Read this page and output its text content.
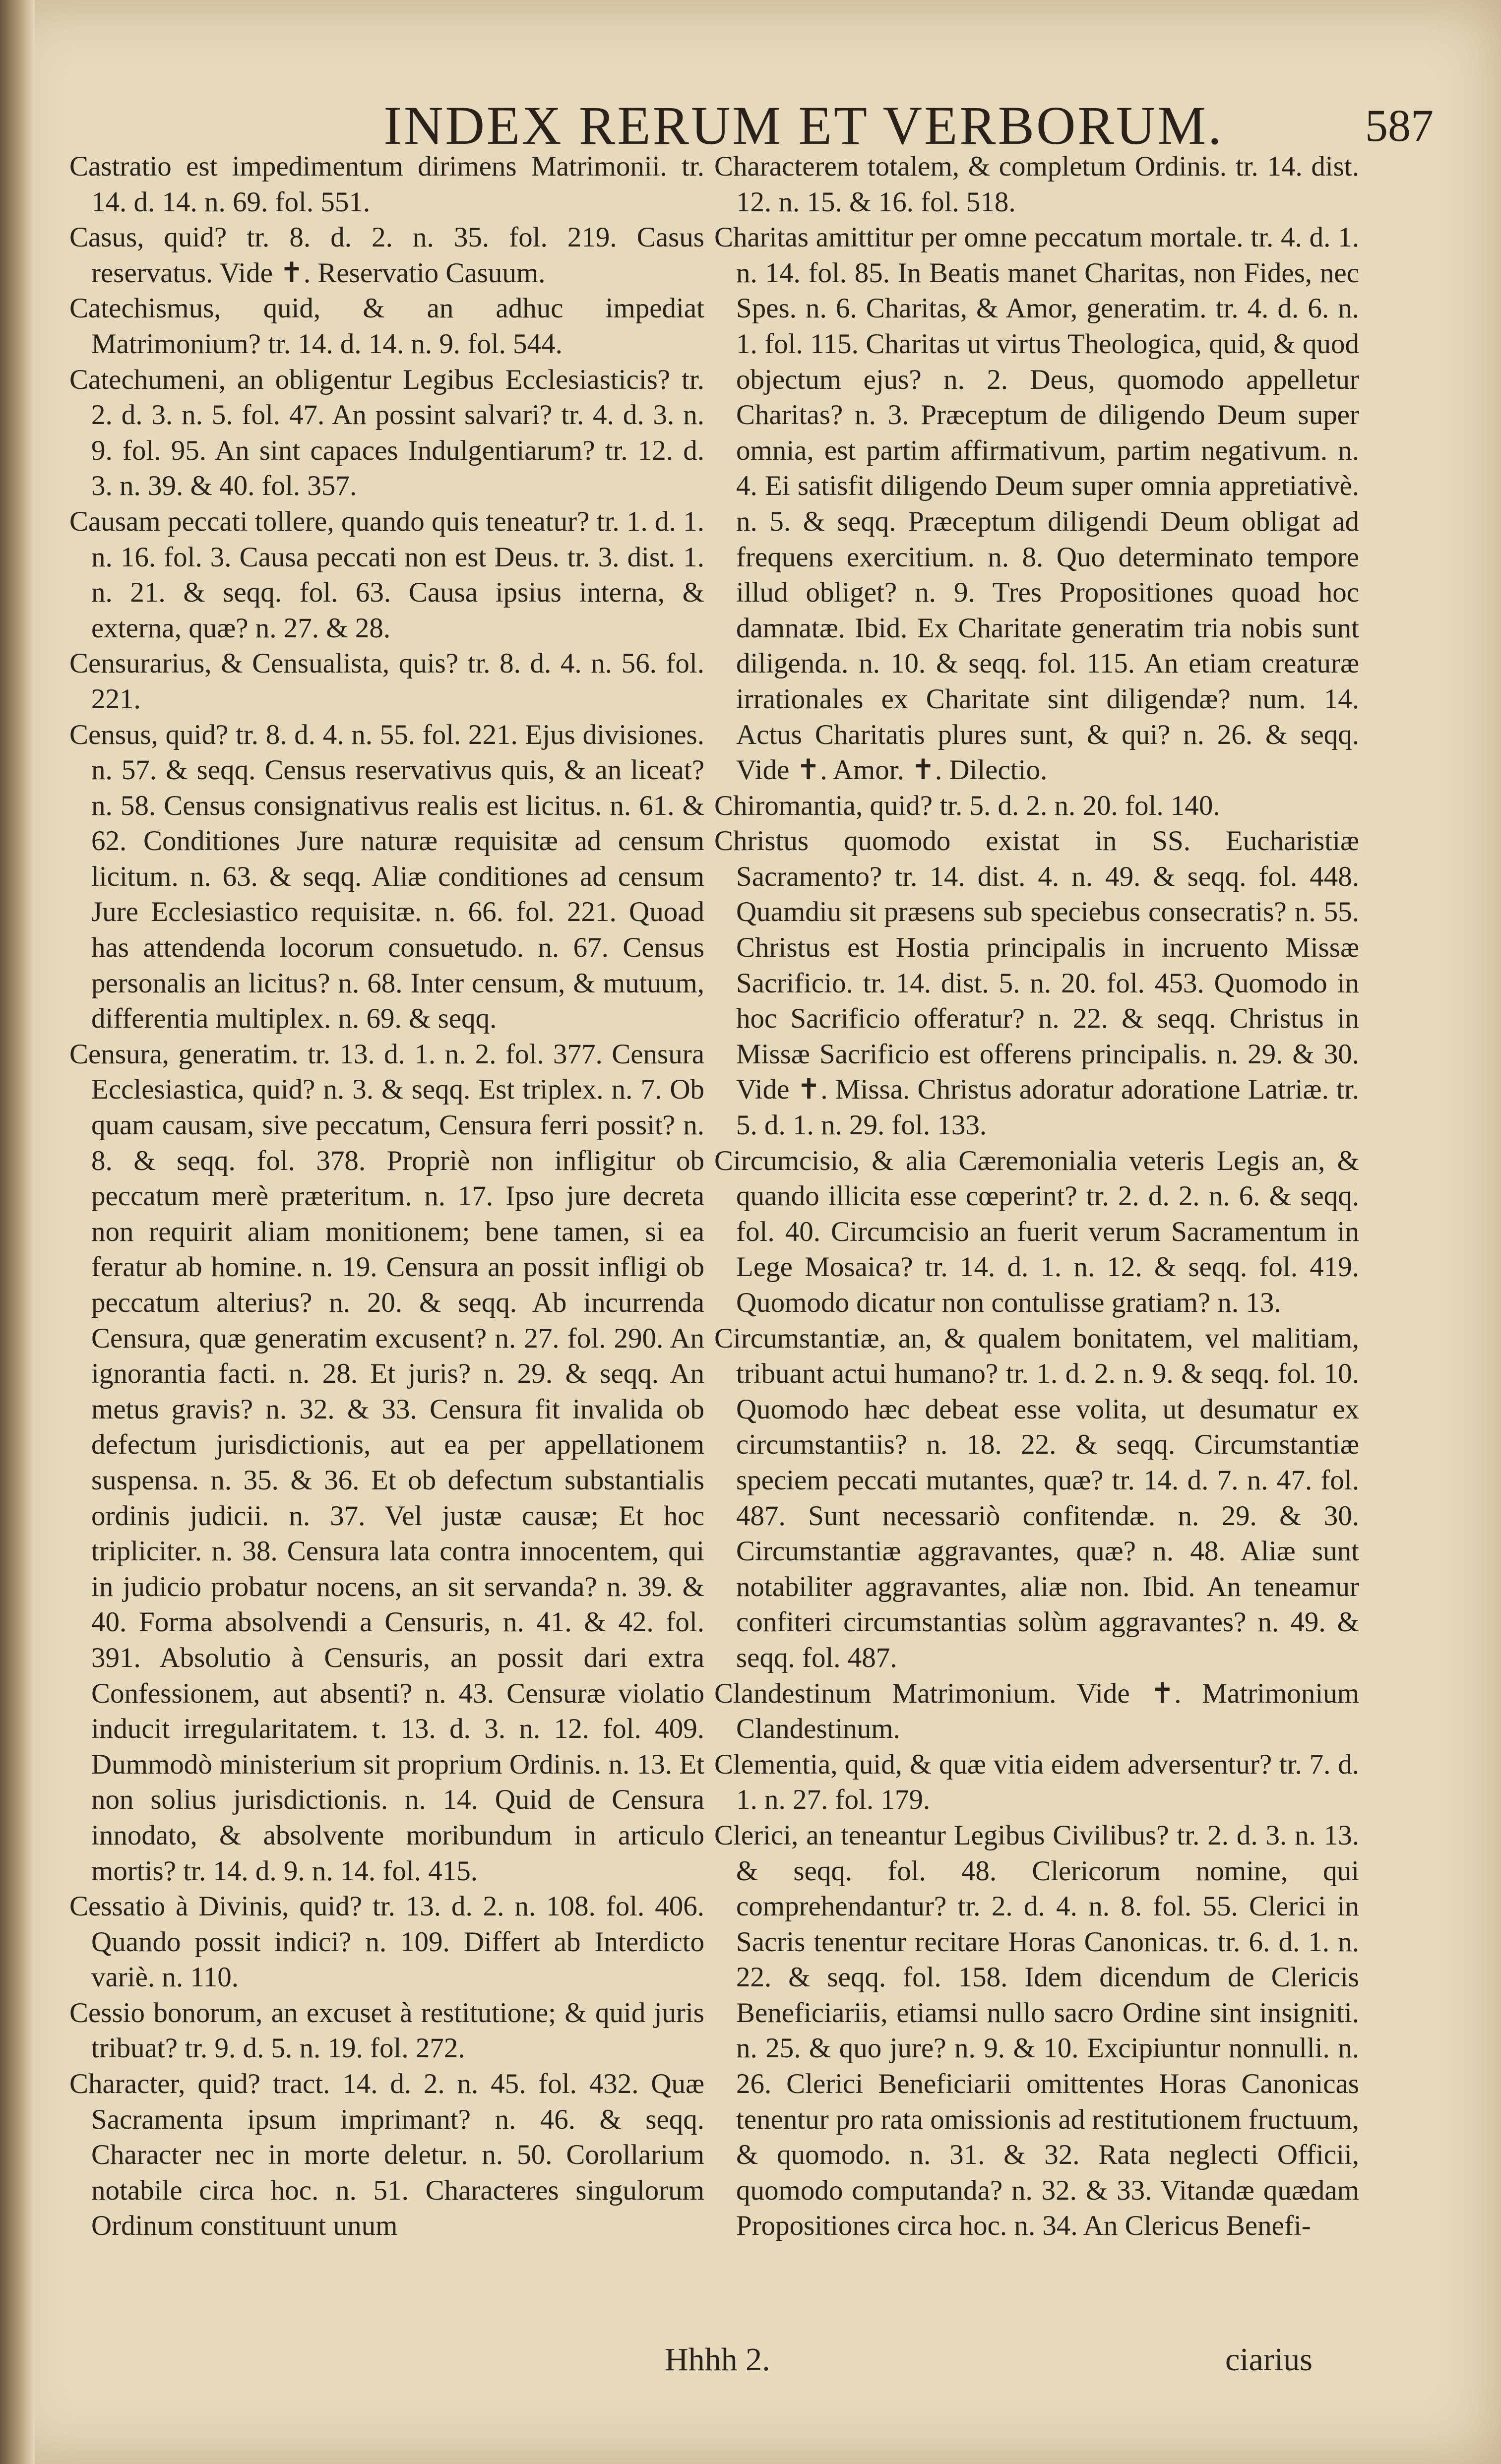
INDEX RERUM ET VERBORUM.	587

Castratio est impedimentum dirimens Matrimonii. tr. 14. d. 14. n. 69. fol. 551.

Casus, quid? tr. 8. d. 2. n. 35. fol. 219. Casus reservatus. Vide ✝. Reservatio Casuum.

Catechismus, quid, & an adhuc impediat Matrimonium? tr. 14. d. 14. n. 9. fol. 544.

Catechumeni, an obligentur Legibus Ecclesiasticis? tr. 2. d. 3. n. 5. fol. 47. An possint salvari? tr. 4. d. 3. n. 9. fol. 95. An sint capaces Indulgentiarum? tr. 12. d. 3. n. 39. & 40. fol. 357.

Causam peccati tollere, quando quis teneatur? tr. 1. d. 1. n. 16. fol. 3. Causa peccati non est Deus. tr. 3. dist. 1. n. 21. & seqq. fol. 63. Causa ipsius interna, & externa, quæ? n. 27. & 28.

Censurarius, & Censualista, quis? tr. 8. d. 4. n. 56. fol. 221.

Census, quid? tr. 8. d. 4. n. 55. fol. 221. Ejus divisiones. n. 57. & seqq. Census reservativus quis, & an liceat? n. 58. Census consignativus realis est licitus. n. 61. & 62. Conditiones Jure naturæ requisitæ ad censum licitum. n. 63. & seqq. Aliæ conditiones ad censum Jure Ecclesiastico requisitæ. n. 66. fol. 221. Quoad has attendenda locorum consuetudo. n. 67. Census personalis an licitus? n. 68. Inter censum, & mutuum, differentia multiplex. n. 69. & seqq.

Censura, generatim. tr. 13. d. 1. n. 2. fol. 377. Censura Ecclesiastica, quid? n. 3. & seqq. Est triplex. n. 7. Ob quam causam, sive peccatum, Censura ferri possit? n. 8. & seqq. fol. 378. Propriè non infligitur ob peccatum merè præteritum. n. 17. Ipso jure decreta non requirit aliam monitionem; bene tamen, si ea feratur ab homine. n. 19. Censura an possit infligi ob peccatum alterius? n. 20. & seqq. Ab incurrenda Censura, quæ generatim excusent? n. 27. fol. 290. An ignorantia facti. n. 28. Et juris? n. 29. & seqq. An metus gravis? n. 32. & 33. Censura fit invalida ob defectum jurisdictionis, aut ea per appellationem suspensa. n. 35. & 36. Et ob defectum substantialis ordinis judicii. n. 37. Vel justæ causæ; Et hoc tripliciter. n. 38. Censura lata contra innocentem, qui in judicio probatur nocens, an sit servanda? n. 39. & 40. Forma absolvendi a Censuris, n. 41. & 42. fol. 391. Absolutio à Censuris, an possit dari extra Confessionem, aut absenti? n. 43. Censuræ violatio inducit irregularitatem. t. 13. d. 3. n. 12. fol. 409. Dummodò ministerium sit proprium Ordinis. n. 13. Et non solius jurisdictionis. n. 14. Quid de Censura innodato, & absolvente moribundum in articulo mortis? tr. 14. d. 9. n. 14. fol. 415.

Cessatio à Divinis, quid? tr. 13. d. 2. n. 108. fol. 406. Quando possit indici? n. 109. Differt ab Interdicto variè. n. 110.

Cessio bonorum, an excuset à restitutione; & quid juris tribuat? tr. 9. d. 5. n. 19. fol. 272.

Character, quid? tract. 14. d. 2. n. 45. fol. 432. Quæ Sacramenta ipsum imprimant? n. 46. & seqq. Character nec in morte deletur. n. 50. Corollarium notabile circa hoc. n. 51. Characteres singulorum Ordinum constituunt unum

Characterem totalem, & completum Ordinis. tr. 14. dist. 12. n. 15. & 16. fol. 518.

Charitas amittitur per omne peccatum mortale. tr. 4. d. 1. n. 14. fol. 85. In Beatis manet Charitas, non Fides, nec Spes. n. 6. Charitas, & Amor, generatim. tr. 4. d. 6. n. 1. fol. 115. Charitas ut virtus Theologica, quid, & quod objectum ejus? n. 2. Deus, quomodo appelletur Charitas? n. 3. Præceptum de diligendo Deum super omnia, est partim affirmativum, partim negativum. n. 4. Ei satisfit diligendo Deum super omnia appretiativè. n. 5. & seqq. Præceptum diligendi Deum obligat ad frequens exercitium. n. 8. Quo determinato tempore illud obliget? n. 9. Tres Propositiones quoad hoc damnatæ. Ibid. Ex Charitate generatim tria nobis sunt diligenda. n. 10. & seqq. fol. 115. An etiam creaturæ irrationales ex Charitate sint diligendæ? num. 14. Actus Charitatis plures sunt, & qui? n. 26. & seqq. Vide ✝. Amor. ✝. Dilectio.

Chiromantia, quid? tr. 5. d. 2. n. 20. fol. 140.

Christus quomodo existat in SS. Eucharistiæ Sacramento? tr. 14. dist. 4. n. 49. & seqq. fol. 448. Quamdiu sit præsens sub speciebus consecratis? n. 55. Christus est Hostia principalis in incruento Missæ Sacrificio. tr. 14. dist. 5. n. 20. fol. 453. Quomodo in hoc Sacrificio offeratur? n. 22. & seqq. Christus in Missæ Sacrificio est offerens principalis. n. 29. & 30. Vide ✝. Missa. Christus adoratur adoratione Latriæ. tr. 5. d. 1. n. 29. fol. 133.

Circumcisio, & alia Cæremonialia veteris Legis an, & quando illicita esse cœperint? tr. 2. d. 2. n. 6. & seqq. fol. 40. Circumcisio an fuerit verum Sacramentum in Lege Mosaica? tr. 14. d. 1. n. 12. & seqq. fol. 419. Quomodo dicatur non contulisse gratiam? n. 13.

Circumstantiæ, an, & qualem bonitatem, vel malitiam, tribuant actui humano? tr. 1. d. 2. n. 9. & seqq. fol. 10. Quomodo hæc debeat esse volita, ut desumatur ex circumstantiis? n. 18. 22. & seqq. Circumstantiæ speciem peccati mutantes, quæ? tr. 14. d. 7. n. 47. fol. 487. Sunt necessariò confitendæ. n. 29. & 30. Circumstantiæ aggravantes, quæ? n. 48. Aliæ sunt notabiliter aggravantes, aliæ non. Ibid. An teneamur confiteri circumstantias solùm aggravantes? n. 49. & seqq. fol. 487.

Clandestinum Matrimonium. Vide ✝. Matrimonium Clandestinum.

Clementia, quid, & quæ vitia eidem adversentur? tr. 7. d. 1. n. 27. fol. 179.

Clerici, an teneantur Legibus Civilibus? tr. 2. d. 3. n. 13. & seqq. fol. 48. Clericorum nomine, qui comprehendantur? tr. 2. d. 4. n. 8. fol. 55. Clerici in Sacris tenentur recitare Horas Canonicas. tr. 6. d. 1. n. 22. & seqq. fol. 158. Idem dicendum de Clericis Beneficiariis, etiamsi nullo sacro Ordine sint insigniti. n. 25. & quo jure? n. 9. & 10. Excipiuntur nonnulli. n. 26. Clerici Beneficiarii omittentes Horas Canonicas tenentur pro rata omissionis ad restitutionem fructuum, & quomodo. n. 31. & 32. Rata neglecti Officii, quomodo computanda? n. 32. & 33. Vitandæ quædam Propositiones circa hoc. n. 34. An Clericus Benefi-

Hhhh 2.	ciarius
